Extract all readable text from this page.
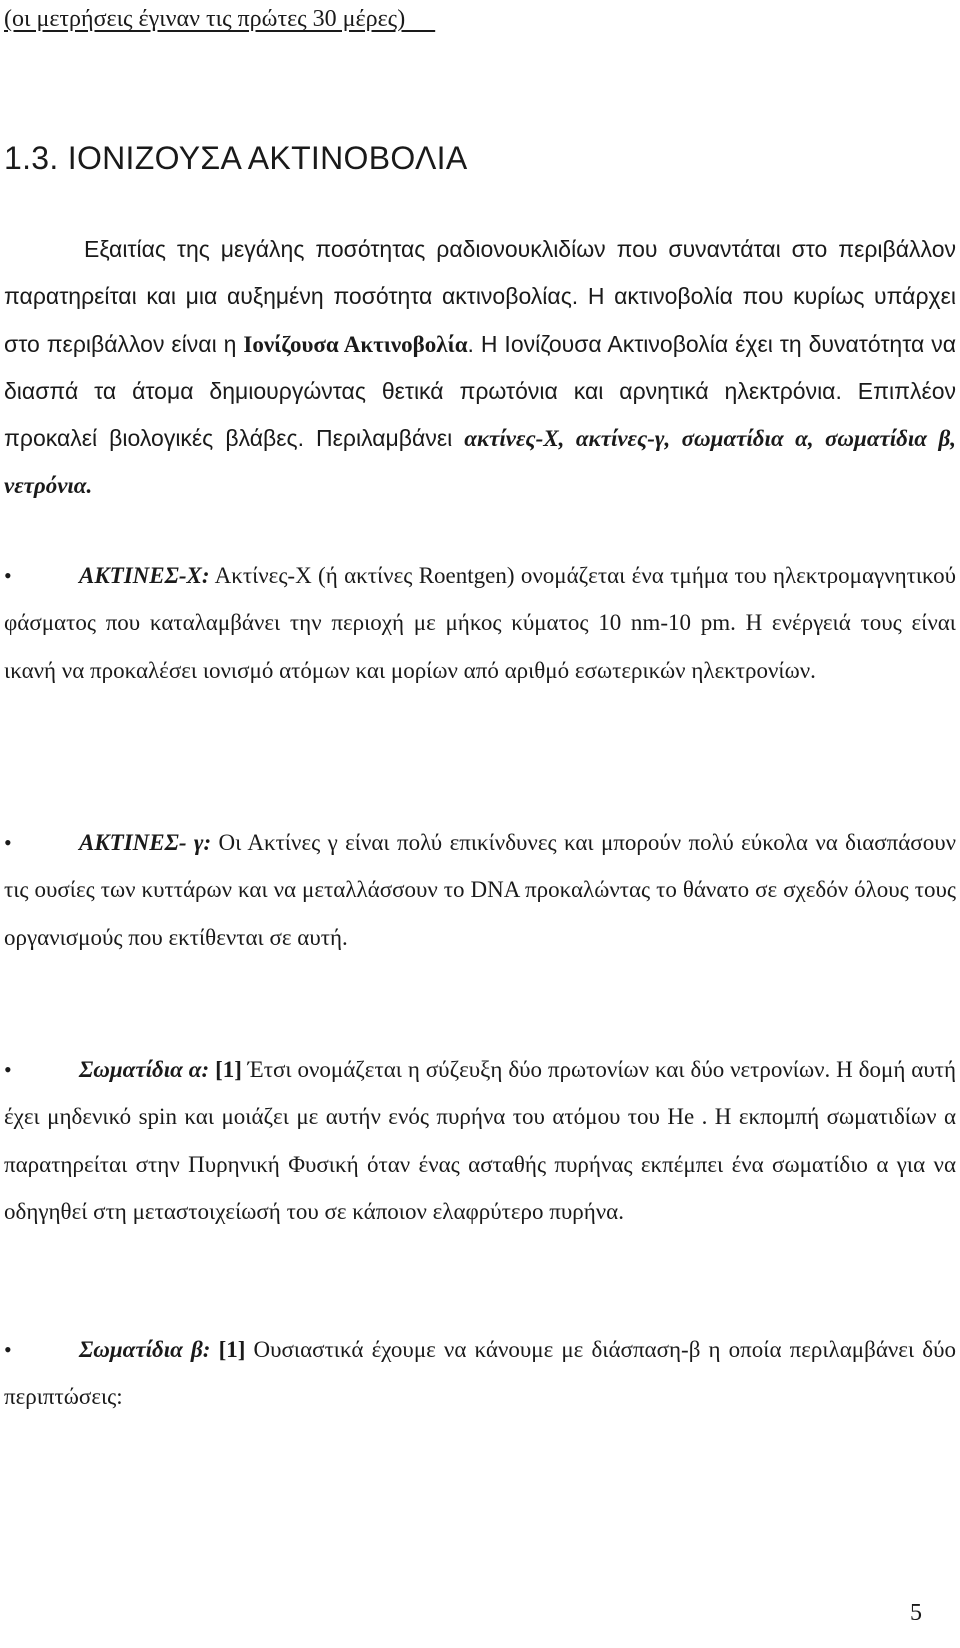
(οι μετρήσεις έγιναν τις πρώτες 30 μέρες)
1.3. ΙΟΝΙΖΟΥΣΑ ΑΚΤΙΝΟΒΟΛΙΑ

Εξαιτίας της μεγάλης ποσότητας ραδιονουκλιδίων που συναντάται στο περιβάλλον παρατηρείται και μια αυξημένη ποσότητα ακτινοβολίας. Η ακτινοβολία που κυρίως υπάρχει στο περιβάλλον είναι η Ιονίζουσα Ακτινοβολία. Η Ιονίζουσα Ακτινοβολία έχει τη δυνατότητα να διασπά τα άτομα δημιουργώντας θετικά πρωτόνια και αρνητικά ηλεκτρόνια. Επιπλέον προκαλεί βιολογικές βλάβες. Περιλαμβάνει ακτίνες-Χ, ακτίνες-γ, σωματίδια α, σωματίδια β, νετρόνια.

•	ΑΚΤΙΝΕΣ-Χ: Ακτίνες-Χ (ή ακτίνες Roentgen) ονομάζεται ένα τμήμα του ηλεκτρομαγνητικού φάσματος που καταλαμβάνει την περιοχή με μήκος κύματος 10 nm-10 pm. Η ενέργειά τους είναι ικανή να προκαλέσει ιονισμό ατόμων και μορίων από αριθμό εσωτερικών ηλεκτρονίων.

•	ΑΚΤΙΝΕΣ- γ: Οι Ακτίνες γ είναι πολύ επικίνδυνες και μπορούν πολύ εύκολα να διασπάσουν τις ουσίες των κυττάρων και να μεταλλάσσουν το DNA προκαλώντας το θάνατο σε σχεδόν όλους τους οργανισμούς που εκτίθενται σε αυτή.

•	Σωματίδια α: [1] Έτσι ονομάζεται η σύζευξη δύο πρωτονίων και δύο νετρονίων. Η δομή αυτή έχει μηδενικό spin και μοιάζει με αυτήν ενός πυρήνα του ατόμου του He . Η εκπομπή σωματιδίων α παρατηρείται στην Πυρηνική Φυσική όταν ένας ασταθής πυρήνας εκπέμπει ένα σωματίδιο α για να οδηγηθεί στη μεταστοιχείωσή του σε κάποιον ελαφρύτερο πυρήνα.

•	Σωματίδια β: [1] Ουσιαστικά έχουμε να κάνουμε με διάσπαση-β η οποία περιλαμβάνει δύο περιπτώσεις:

5
